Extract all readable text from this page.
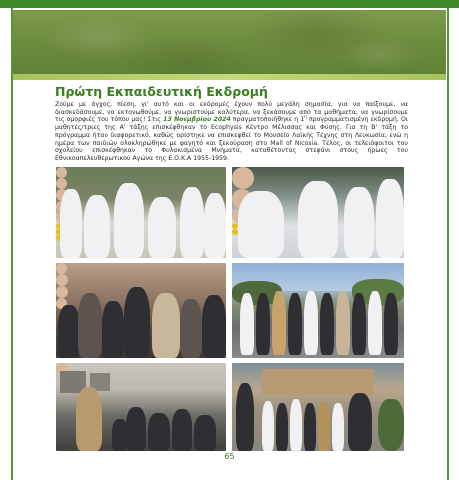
Πρώτη Εκπαιδευτική Εκδρομή

Ζούμε με άγχος, πίεση, γι' αυτό και οι εκδρομές έχουν πολύ μεγάλη σημασία, για να παίξουμε, να διασκεδάσουμε, να εκτονωθούμε, να γνωριστούμε καλύτερα, να ξεκάσουμε από τα μαθήματα, να γνωρίσουμε τις ομορφιές του τόπου μας! Στις 13 Νοεμβρίου 2024 πραγματοποιήθηκε η $1^\eta$ προγραμματισμένη εκδρομή. Οι μαθητές/τριες της Α' τάξης επισκέφθηκαν το Ecophysis Κέντρο Μέλισσας και Φύσης. Για τη Β' τάξη το πρόγραμμα ήταν διαφορετικό, καθώς ορίστηκε να επισκεφθεί το Μουσείο Λαϊκής Τέχνης στη Λευκωσία, ενώ η ημέρα των παιδιών ολοκληρώθηκε με φαγητό και ξεκούραση στο Mall of Nicosia. Τέλος, οι τελειόφοιτοι του σχολείου επισκέφθηκαν το Φυλακισμένα Μνήματα, καταθέτοντας στεφάνι στους ήρωες του Εθνικοαπελευθερωτικού Αγώνα της Ε.Ο.Κ.Α 1955-1959.

65
